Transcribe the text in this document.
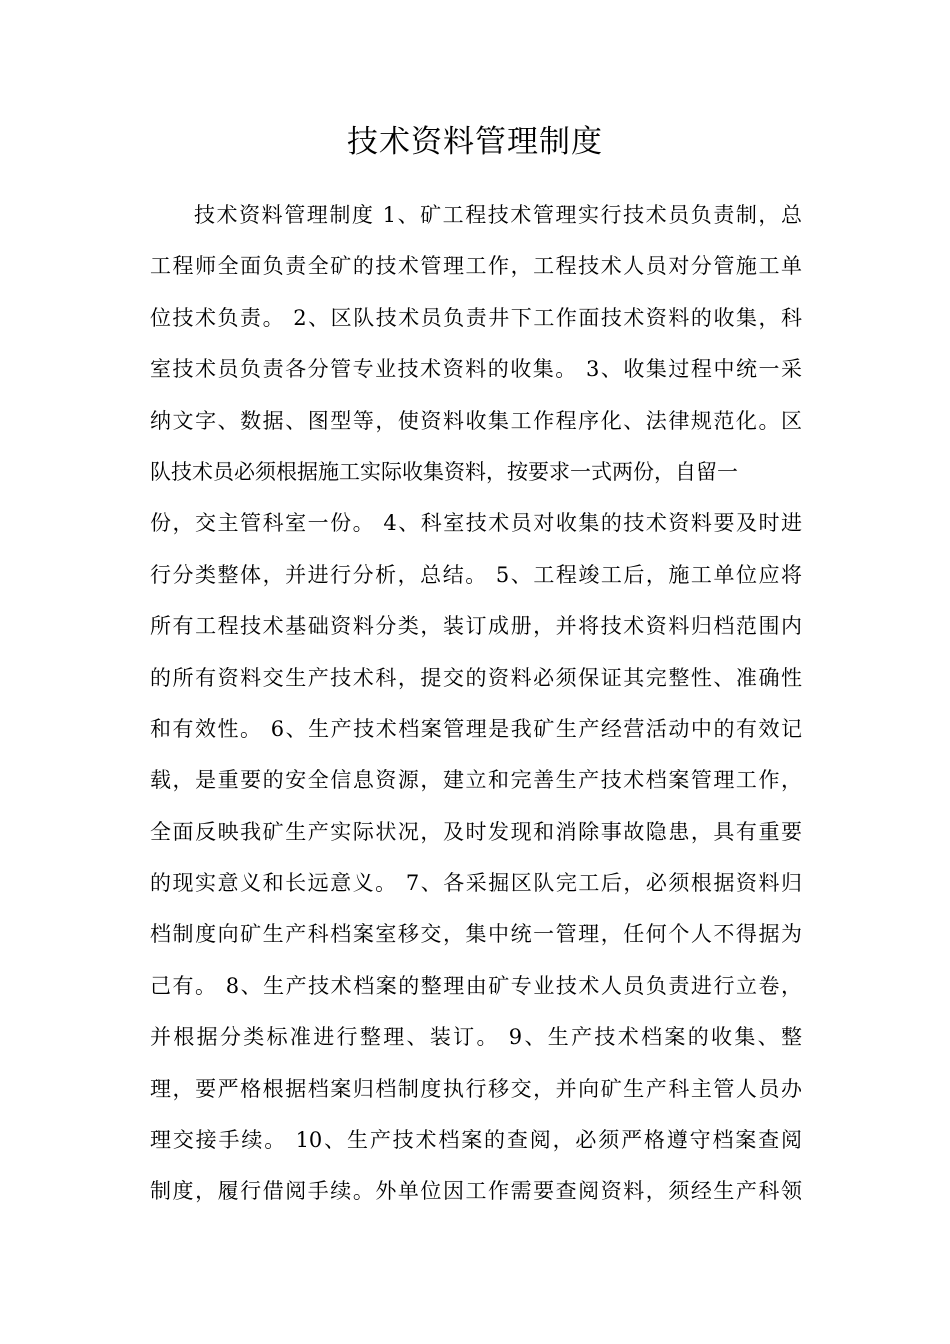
技术资料管理制度
技术资料管理制度 1、矿工程技术管理实行技术员负责制，总
工程师全面负责全矿的技术管理工作，工程技术人员对分管施工单
位技术负责。 2、区队技术员负责井下工作面技术资料的收集，科
室技术员负责各分管专业技术资料的收集。 3、收集过程中统一采
纳文字、数据、图型等，使资料收集工作程序化、法律规范化。区
队技术员必须根据施工实际收集资料，按要求一式两份，自留一
份，交主管科室一份。 4、科室技术员对收集的技术资料要及时进
行分类整体，并进行分析，总结。 5、工程竣工后，施工单位应将
所有工程技术基础资料分类，装订成册，并将技术资料归档范围内
的所有资料交生产技术科，提交的资料必须保证其完整性、准确性
和有效性。 6、生产技术档案管理是我矿生产经营活动中的有效记
载，是重要的安全信息资源，建立和完善生产技术档案管理工作，
全面反映我矿生产实际状况，及时发现和消除事故隐患，具有重要
的现实意义和长远意义。 7、各采掘区队完工后，必须根据资料归
档制度向矿生产科档案室移交，集中统一管理，任何个人不得据为
己有。 8、生产技术档案的整理由矿专业技术人员负责进行立卷，
并根据分类标准进行整理、装订。 9、生产技术档案的收集、整
理，要严格根据档案归档制度执行移交，并向矿生产科主管人员办
理交接手续。 10、生产技术档案的查阅，必须严格遵守档案查阅
制度，履行借阅手续。外单位因工作需要查阅资料，须经生产科领
